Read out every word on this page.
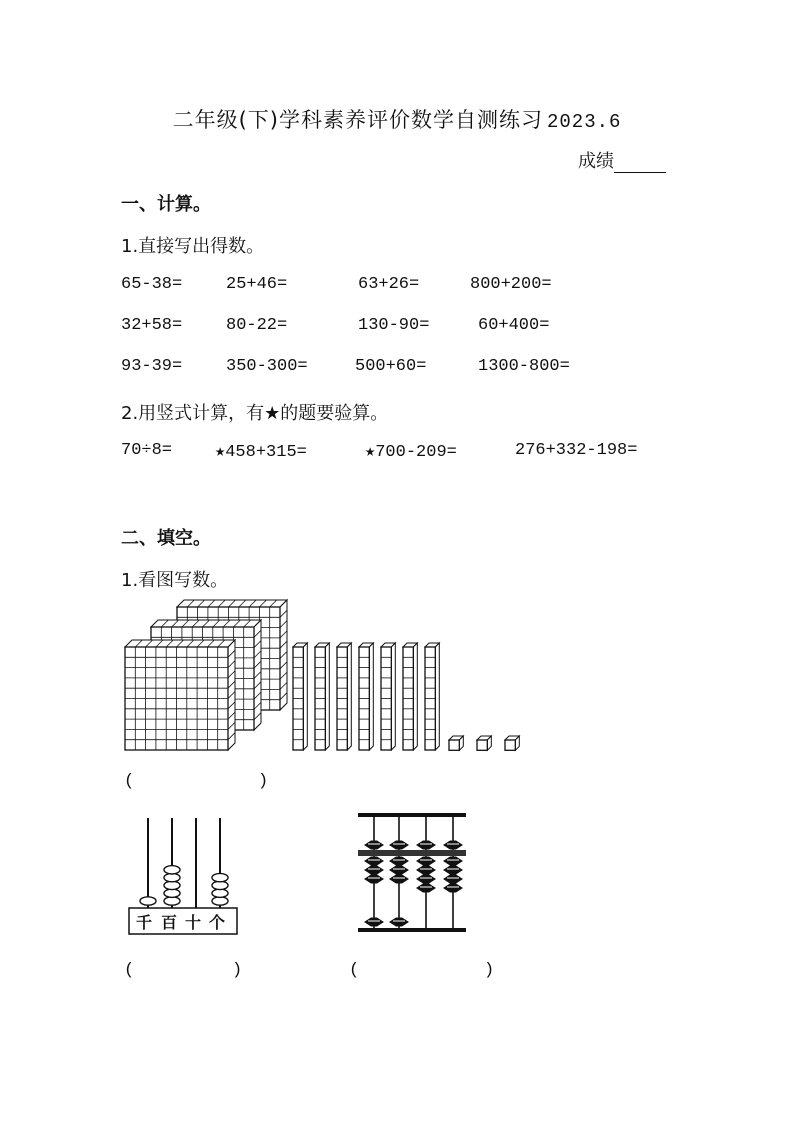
二年级(下)学科素养评价数学自测练习 2023.6
成绩
一、计算。
1.直接写出得数。
65-38=	25+46=	63+26=	800+200=
32+58=	80-22=	130-90=	60+400=
93-39=	350-300=	500+60=	1300-800=
2.用竖式计算，有★的题要验算。
70÷8=	★458+315=	★700-209=	276+332-198=
二、填空。
1.看图写数。
(	)
千 百 十 个
(	)	(	)
